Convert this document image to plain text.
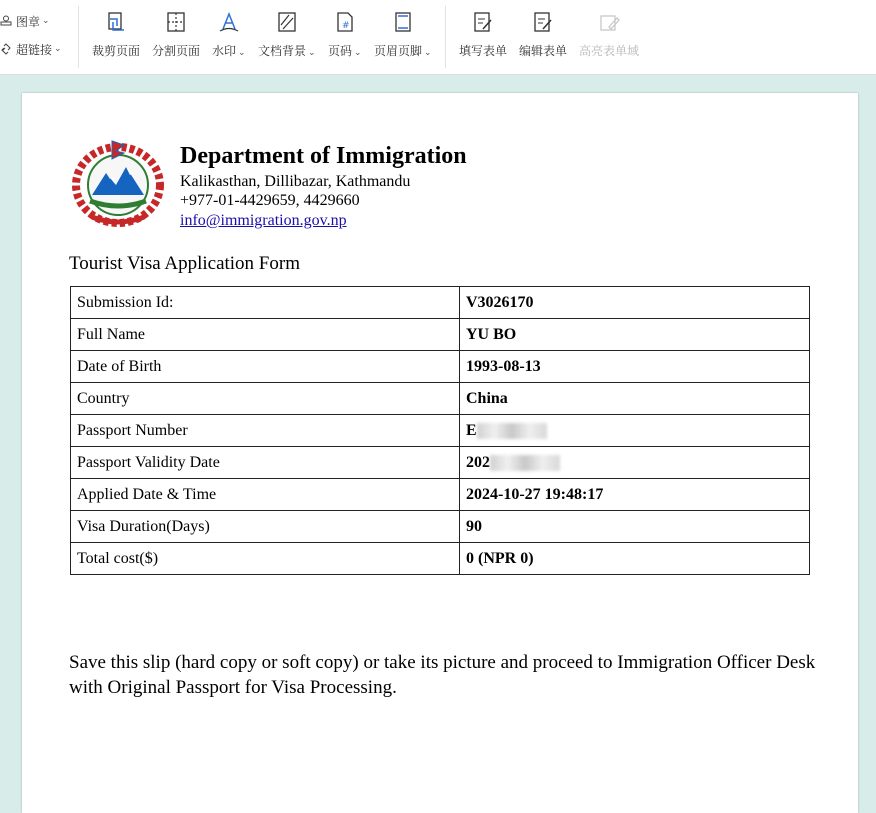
图章 ⌄
超链接 ⌄	裁剪页面 分割页面 水印 ⌄ 文档背景 ⌄
#
页码 ⌄ 页眉页脚 ⌄ 填写表单 编辑表单 高亮表单域
Department of Immigration
Kalikasthan, Dillibazar, Kathmandu
+977-01-4429659, 4429660
info@immigration.gov.np
Tourist Visa Application Form
Submission Id:	V3026170
Full Name	YU BO
Date of Birth	1993-08-13
Country	China
Passport Number	E
Passport Validity Date	202
Applied Date & Time	2024-10-27 19:48:17
Visa Duration(Days)	90
Total cost($)	0 (NPR 0)
Save this slip (hard copy or soft copy) or take its picture and proceed to Immigration Officer Desk with Original Passport for Visa Processing.
